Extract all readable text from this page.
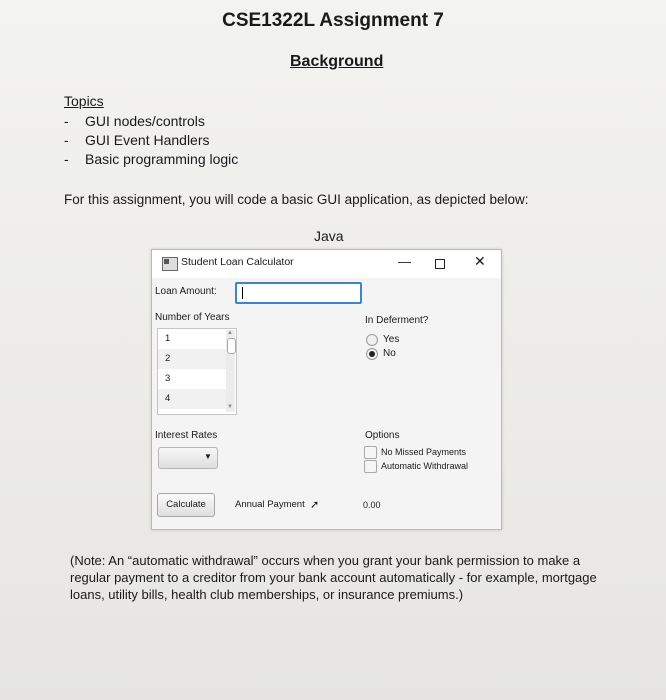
CSE1322L Assignment 7
Background
Topics
- GUI nodes/controls
- GUI Event Handlers
- Basic programming logic
For this assignment, you will code a basic GUI application, as depicted below:
Java
Student Loan Calculator	—	✕
Loan Amount:
Number of Years
1
2
3
4
▲
▼
In Deferment?
Yes
No
Interest Rates
▼
Options
No Missed Payments
Automatic Withdrawal
Calculate	Annual Payment ➚	0.00
(Note: An “automatic withdrawal” occurs when you grant your bank permission to make a regular payment to a creditor from your bank account automatically - for example, mortgage loans, utility bills, health club memberships, or insurance premiums.)
